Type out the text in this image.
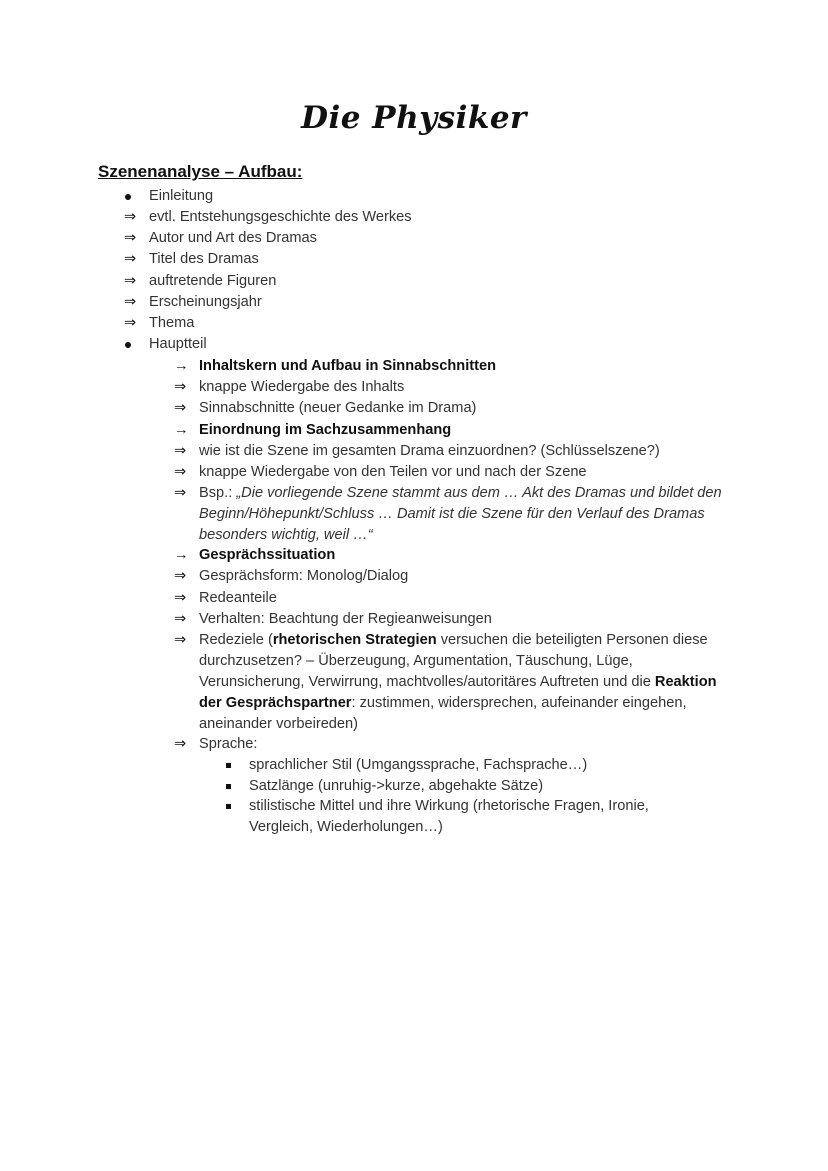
Die Physiker
Szenenanalyse – Aufbau:
Einleitung
⇒ evtl. Entstehungsgeschichte des Werkes
⇒ Autor und Art des Dramas
⇒ Titel des Dramas
⇒ auftretende Figuren
⇒ Erscheinungsjahr
⇒ Thema
Hauptteil
→ Inhaltskern und Aufbau in Sinnabschnitten
⇒ knappe Wiedergabe des Inhalts
⇒ Sinnabschnitte (neuer Gedanke im Drama)
→ Einordnung im Sachzusammenhang
⇒ wie ist die Szene im gesamten Drama einzuordnen? (Schlüsselszene?)
⇒ knappe Wiedergabe von den Teilen vor und nach der Szene
⇒ Bsp.: „Die vorliegende Szene stammt aus dem … Akt des Dramas und bildet den Beginn/Höhepunkt/Schluss … Damit ist die Szene für den Verlauf des Dramas besonders wichtig, weil …“
→ Gesprächssituation
⇒ Gesprächsform: Monolog/Dialog
⇒ Redeanteile
⇒ Verhalten: Beachtung der Regieanweisungen
⇒ Redeziele (rhetorischen Strategien versuchen die beteiligten Personen diese durchzusetzen? – Überzeugung, Argumentation, Täuschung, Lüge, Verunsicherung, Verwirrung, machtvolles/autoritäres Auftreten und die Reaktion der Gesprächspartner: zustimmen, widersprechen, aufeinander eingehen, aneinander vorbeireden)
⇒ Sprache:
sprachlicher Stil (Umgangssprache, Fachsprache…)
Satzlänge (unruhig->kurze, abgehakte Sätze)
stilistische Mittel und ihre Wirkung (rhetorische Fragen, Ironie, Vergleich, Wiederholungen…)
